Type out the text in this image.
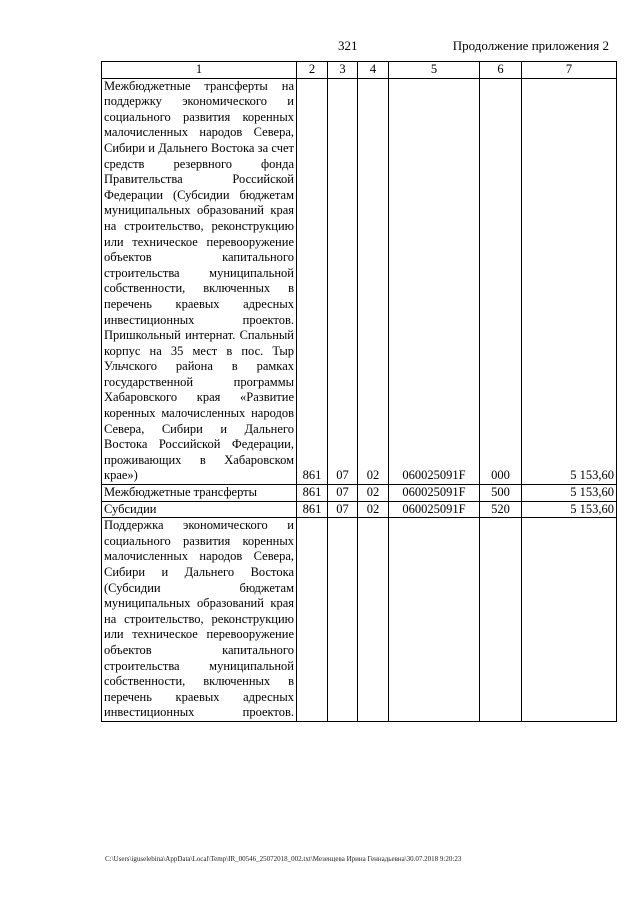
321	Продолжение приложения 2
1	2	3	4	5	6	7
Межбюджетные трансферты на поддержку экономического и социального развития коренных малочисленных народов Севера, Сибири и Дальнего Востока за счет средств резервного фонда Правительства Российской Федерации (Субсидии бюджетам муниципальных образований края на строительство, реконструкцию или техническое перевооружение объектов капитального строительства муниципальной собственности, включенных в перечень краевых адресных инвестиционных проектов. Пришкольный интернат. Спальный корпус на 35 мест в пос. Тыр Ульчского района в рамках государственной программы Хабаровского края «Развитие коренных малочисленных народов Севера, Сибири и Дальнего Востока Российской Федерации, проживающих в Хабаровском крае»)	861	07	02	060025091F	000	5 153,60
Межбюджетные трансферты	861	07	02	060025091F	500	5 153,60
Субсидии	861	07	02	060025091F	520	5 153,60
Поддержка экономического и социального развития коренных малочисленных народов Севера, Сибири и Дальнего Востока (Субсидии бюджетам муниципальных образований края на строительство, реконструкцию или техническое перевооружение объектов капитального строительства муниципальной собственности, включенных в перечень краевых адресных инвестиционных проектов.						
C:\Users\iguselebina\AppData\Local\Temp\IR_00546_25072018_002.txt\Мезенцева Ирина Геннадьевна\30.07.2018 9:20:23
